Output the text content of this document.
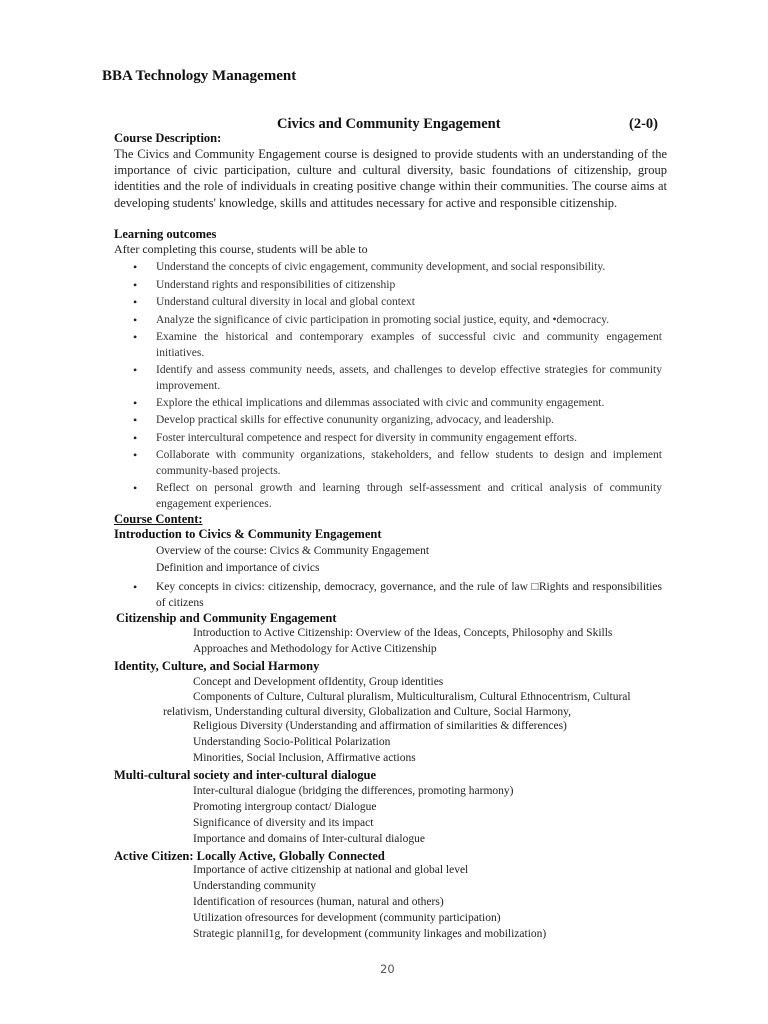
BBA Technology Management
Civics and Community Engagement	(2-0)
Course Description:
The Civics and Community Engagement course is designed to provide students with an understanding of the importance of civic participation, culture and cultural diversity, basic foundations of citizenship, group identities and the role of individuals in creating positive change within their communities. The course aims at developing students' knowledge, skills and attitudes necessary for active and responsible citizenship.
Learning outcomes
After completing this course, students will be able to
• Understand the concepts of civic engagement, community development, and social responsibility.
• Understand rights and responsibilities of citizenship
• Understand cultural diversity in local and global context
• Analyze the significance of civic participation in promoting social justice, equity, and •democracy.
• Examine the historical and contemporary examples of successful civic and community engagement initiatives.
• Identify and assess community needs, assets, and challenges to develop effective strategies for community improvement.
• Explore the ethical implications and dilemmas associated with civic and community engagement.
• Develop practical skills for effective conununity organizing, advocacy, and leadership.
• Foster intercultural competence and respect for diversity in community engagement efforts.
• Collaborate with community organizations, stakeholders, and fellow students to design and implement community-based projects.
• Reflect on personal growth and learning through self-assessment and critical analysis of community engagement experiences.
Course Content:
Introduction to Civics & Community Engagement
Overview of the course: Civics & Community Engagement
Definition and importance of civics
• Key concepts in civics: citizenship, democracy, governance, and the rule of law □Rights and responsibilities of citizens
Citizenship and Community Engagement
Introduction to Active Citizenship: Overview of the Ideas, Concepts, Philosophy and Skills
Approaches and Methodology for Active Citizenship
Identity, Culture, and Social Harmony
Concept and Development ofIdentity, Group identities
Components of Culture, Cultural pluralism, Multiculturalism, Cultural Ethnocentrism, Cultural
relativism, Understanding cultural diversity, Globalization and Culture, Social Harmony,
Religious Diversity (Understanding and affirmation of similarities & differences)
Understanding Socio-Political Polarization
Minorities, Social Inclusion, Affirmative actions
Multi-cultural society and inter-cultural dialogue
Inter-cultural dialogue (bridging the differences, promoting harmony)
Promoting intergroup contact/ Dialogue
Significance of diversity and its impact
Importance and domains of Inter-cultural dialogue
Active Citizen: Locally Active, Globally Connected
Importance of active citizenship at national and global level
Understanding community
Identification of resources (human, natural and others)
Utilization ofresources for development (community participation)
Strategic plannil1g, for development (community linkages and mobilization)
20
